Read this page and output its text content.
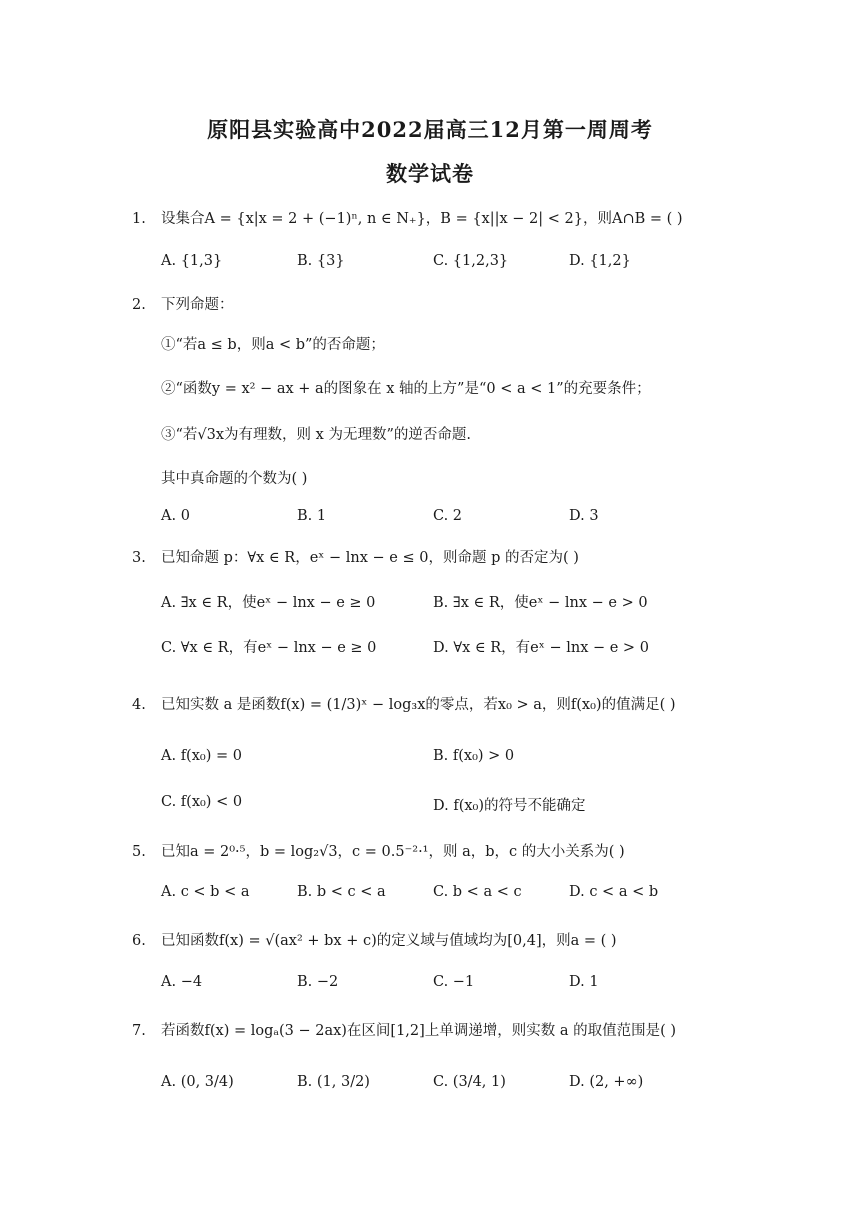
原阳县实验高中2022届高三12月第一周周考
数学试卷
1. 设集合A = {x|x = 2 + (−1)ⁿ, n ∈ N₊}，B = {x||x − 2| < 2}，则A∩B = ( )
A. {1,3}	B. {3}	C. {1,2,3}	D. {1,2}
2. 下列命题：
①“若a ≤ b，则a < b”的否命题；
②“函数y = x² − ax + a的图象在 x 轴的上方”是“0 < a < 1”的充要条件；
③“若√3x为有理数，则 x 为无理数”的逆否命题.
其中真命题的个数为( )
A. 0	B. 1	C. 2	D. 3
3. 已知命题 p：∀x ∈ R，eˣ − lnx − e ≤ 0，则命题 p 的否定为( )
A. ∃x ∈ R，使eˣ − lnx − e ≥ 0	B. ∃x ∈ R，使eˣ − lnx − e > 0
C. ∀x ∈ R，有eˣ − lnx − e ≥ 0	D. ∀x ∈ R，有eˣ − lnx − e > 0
4. 已知实数 a 是函数f(x) = (1/3)ˣ − log₃x的零点，若x₀ > a，则f(x₀)的值满足( )
A. f(x₀) = 0	B. f(x₀) > 0
C. f(x₀) < 0	D. f(x₀)的符号不能确定
5. 已知a = 2⁰·⁵，b = log₂√3，c = 0.5⁻²·¹，则 a，b，c 的大小关系为( )
A. c < b < a	B. b < c < a	C. b < a < c	D. c < a < b
6. 已知函数f(x) = √(ax² + bx + c)的定义域与值域均为[0,4]，则a = ( )
A. −4	B. −2	C. −1	D. 1
7. 若函数f(x) = logₐ(3 − 2ax)在区间[1,2]上单调递增，则实数 a 的取值范围是( )
A. (0, 3/4)	B. (1, 3/2)	C. (3/4, 1)	D. (2, +∞)
